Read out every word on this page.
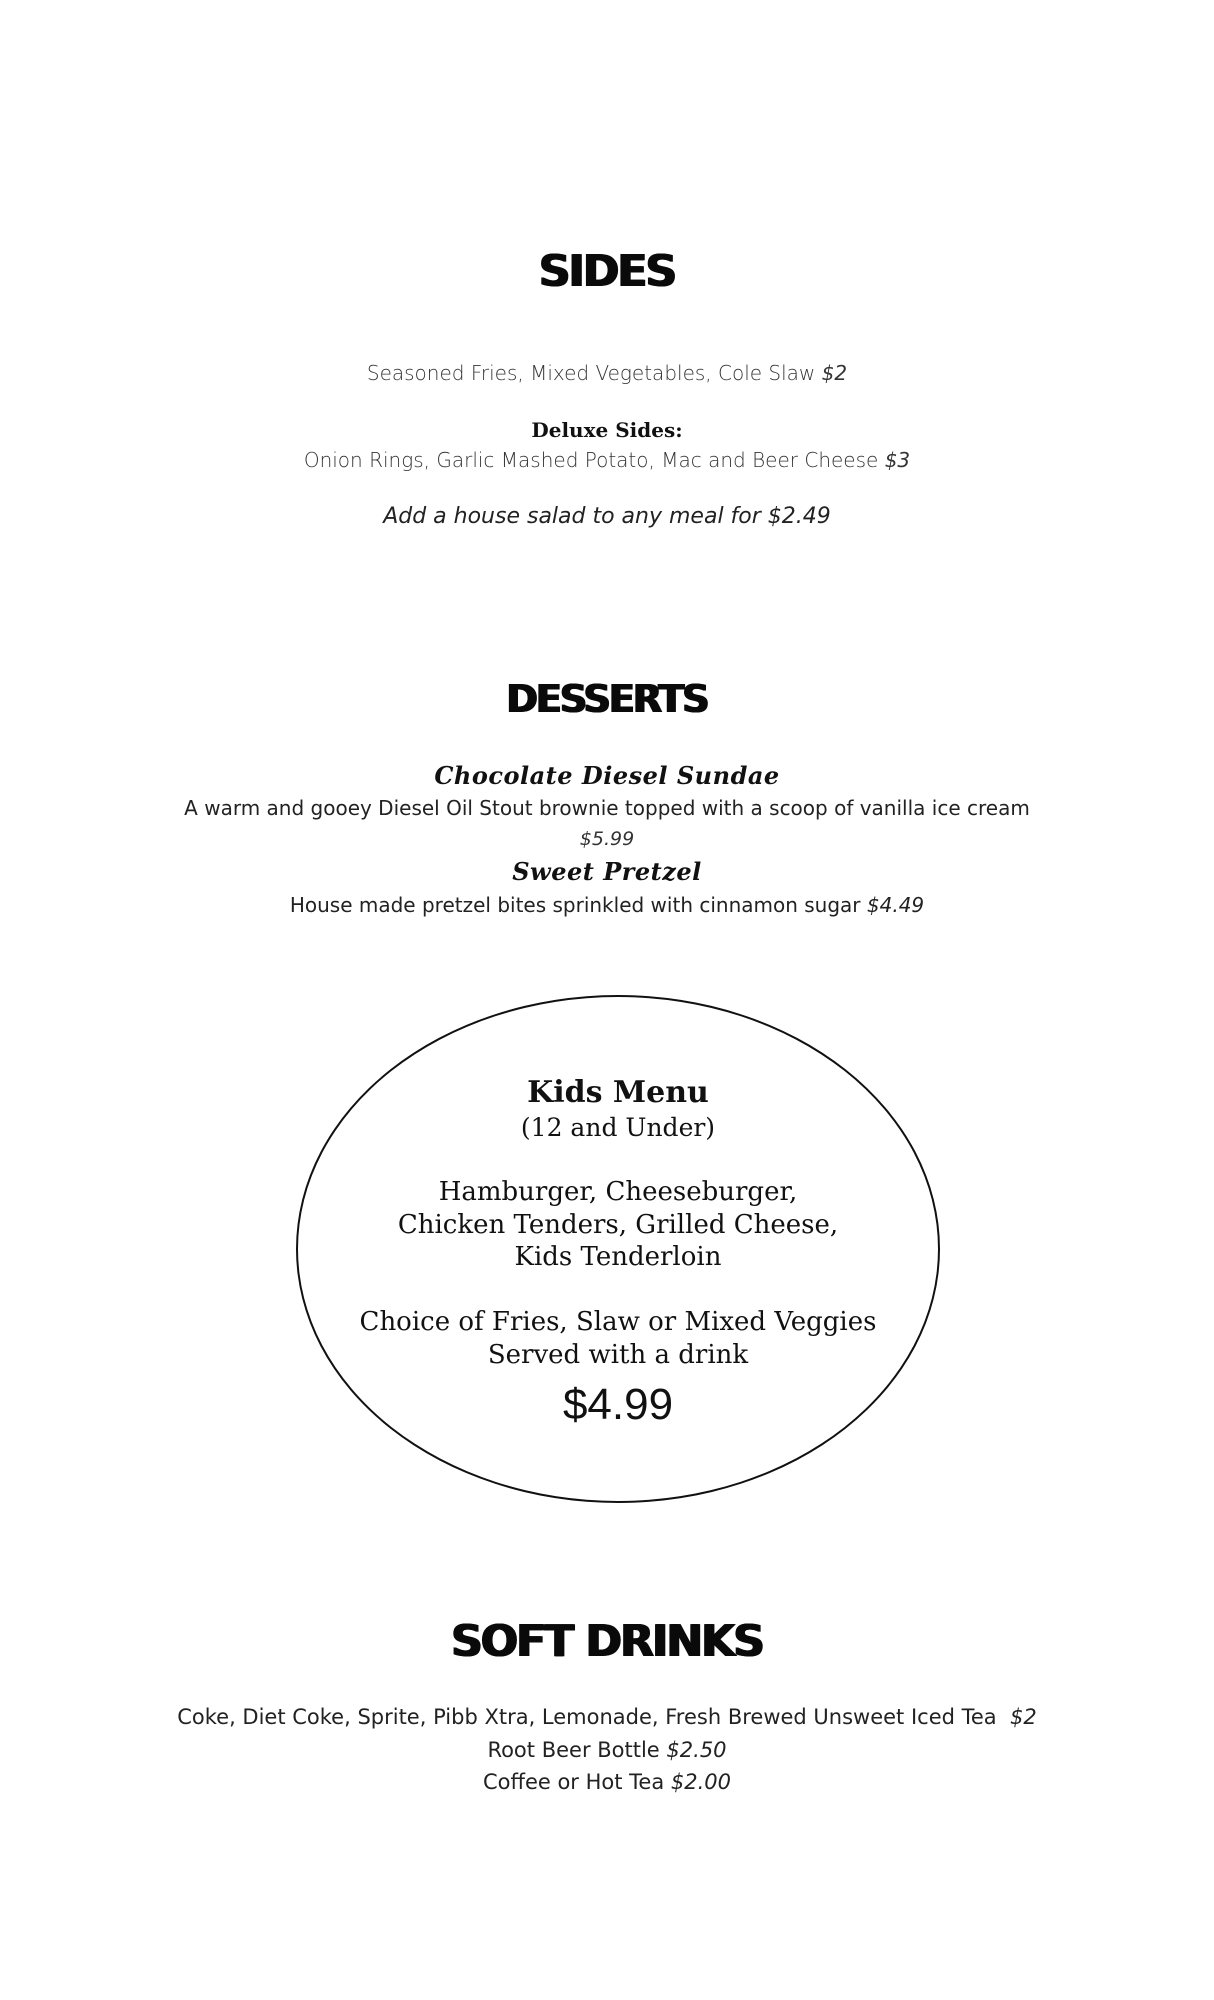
SIDES
Seasoned Fries, Mixed Vegetables, Cole Slaw $2
Deluxe Sides:
Onion Rings, Garlic Mashed Potato, Mac and Beer Cheese $3
Add a house salad to any meal for $2.49
DESSERTS
Chocolate Diesel Sundae
A warm and gooey Diesel Oil Stout brownie topped with a scoop of vanilla ice cream
$5.99
Sweet Pretzel
House made pretzel bites sprinkled with cinnamon sugar $4.49
Kids Menu
(12 and Under)
Hamburger, Cheeseburger,
Chicken Tenders, Grilled Cheese,
Kids Tenderloin
Choice of Fries, Slaw or Mixed Veggies
Served with a drink
$4.99
SOFT DRINKS
Coke, Diet Coke, Sprite, Pibb Xtra, Lemonade, Fresh Brewed Unsweet Iced Tea $2
Root Beer Bottle $2.50
Coffee or Hot Tea $2.00
